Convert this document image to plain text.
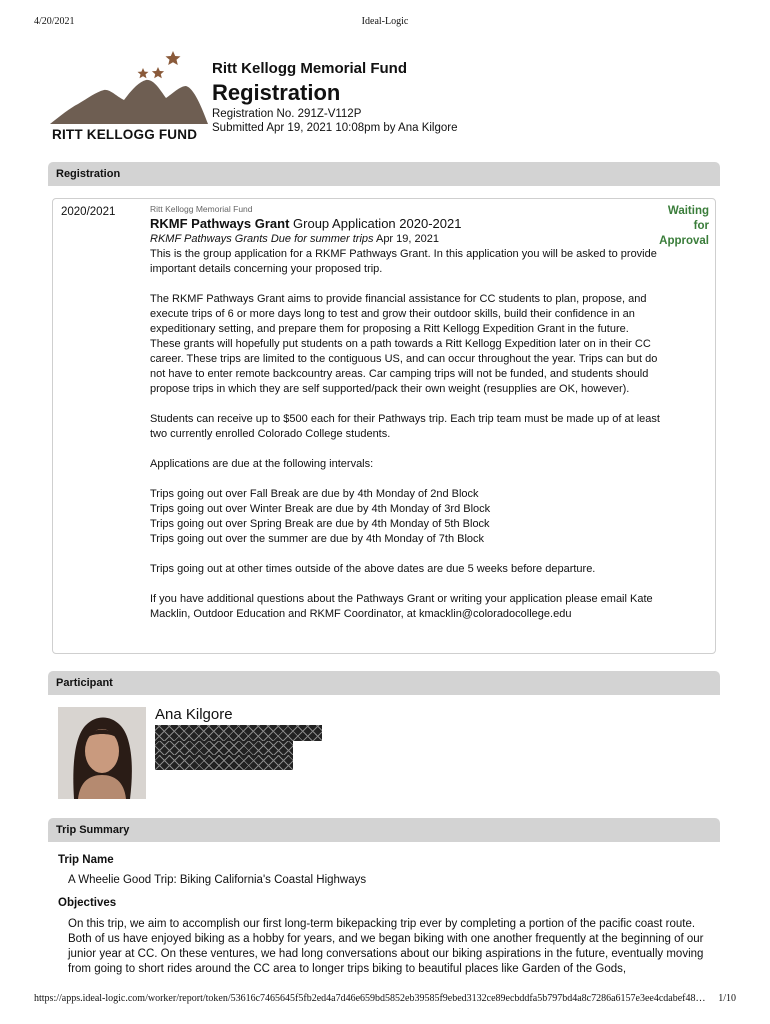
4/20/2021	Ideal-Logic
RITT KELLOGG FUND
Ritt Kellogg Memorial Fund
Registration
Registration No. 291Z-V112P
Submitted Apr 19, 2021 10:08pm by Ana Kilgore
Registration
2020/2021	Ritt Kellogg Memorial Fund
RKMF Pathways Grant Group Application 2020-2021
RKMF Pathways Grants Due for summer trips Apr 19, 2021

This is the group application for a RKMF Pathways Grant. In this application you will be asked to provide important details concerning your proposed trip.

The RKMF Pathways Grant aims to provide financial assistance for CC students to plan, propose, and execute trips of 6 or more days long to test and grow their outdoor skills, build their confidence in an expeditionary setting, and prepare them for proposing a Ritt Kellogg Expedition Grant in the future. These grants will hopefully put students on a path towards a Ritt Kellogg Expedition later on in their CC career. These trips are limited to the contiguous US, and can occur throughout the year. Trips can but do not have to enter remote backcountry areas. Car camping trips will not be funded, and students should propose trips in which they are self supported/pack their own weight (resupplies are OK, however).

Students can receive up to $500 each for their Pathways trip. Each trip team must be made up of at least two currently enrolled Colorado College students.

Applications are due at the following intervals:

Trips going out over Fall Break are due by 4th Monday of 2nd Block
Trips going out over Winter Break are due by 4th Monday of 3rd Block
Trips going out over Spring Break are due by 4th Monday of 5th Block
Trips going out over the summer are due by 4th Monday of 7th Block

Trips going out at other times outside of the above dates are due 5 weeks before departure.

If you have additional questions about the Pathways Grant or writing your application please email Kate Macklin, Outdoor Education and RKMF Coordinator, at kmacklin@coloradocollege.edu

Waiting
for
Approval
Participant
Ana Kilgore
Trip Summary
Trip Name
A Wheelie Good Trip: Biking California's Coastal Highways
Objectives
On this trip, we aim to accomplish our first long-term bikepacking trip ever by completing a portion of the pacific coast route. Both of us have enjoyed biking as a hobby for years, and we began biking with one another frequently at the beginning of our junior year at CC. On these ventures, we had long conversations about our biking aspirations in the future, eventually moving from going to short rides around the CC area to longer trips biking to beautiful places like Garden of the Gods,
https://apps.ideal-logic.com/worker/report/token/53616c7465645f5fb2ed4a7d46e659bd5852eb39585f9ebed3132ce89ecbddfa5b797bd4a8c7286a6157e3ee4cdabef48…	1/10
